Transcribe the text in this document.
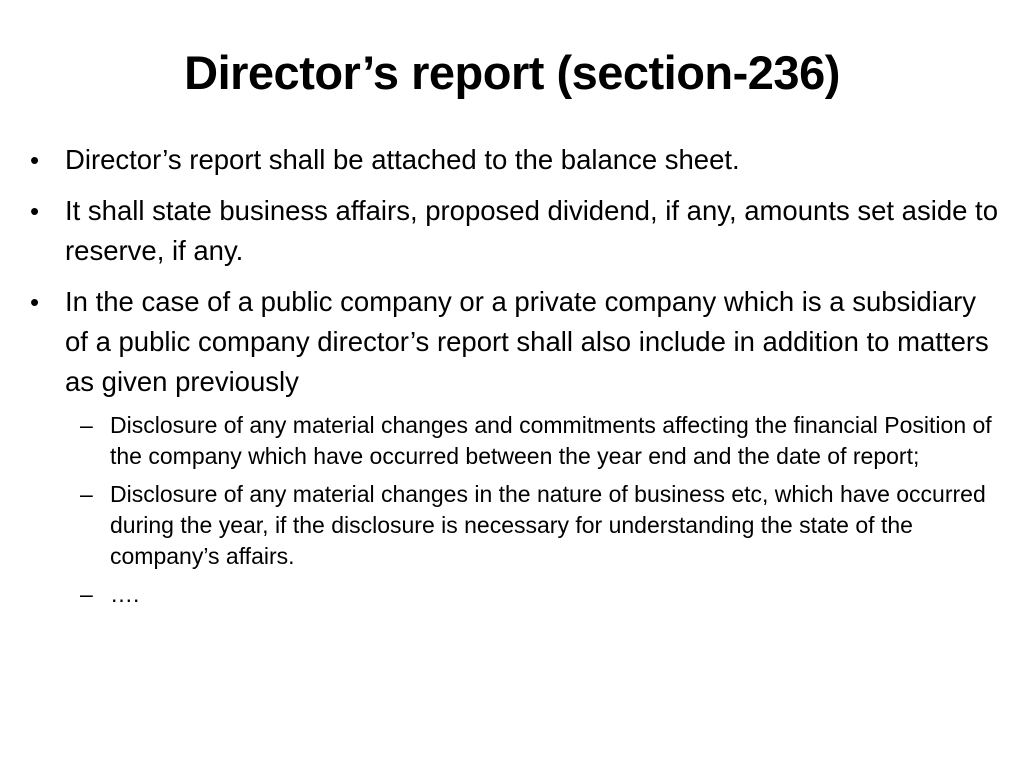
Director’s report (section-236)
• Director’s report shall be attached to the balance sheet.
• It shall state business affairs, proposed dividend, if any, amounts set aside to reserve, if any.
• In the case of a public company or a private company which is a subsidiary of a public company director’s report shall also include in addition to matters as given previously
– Disclosure of any material changes and commitments affecting the financial Position of the company which have occurred between the year end and the date of report;
– Disclosure of any material changes in the nature of business etc, which have occurred during the year, if the disclosure is necessary for understanding the state of the company’s affairs.
– ….
